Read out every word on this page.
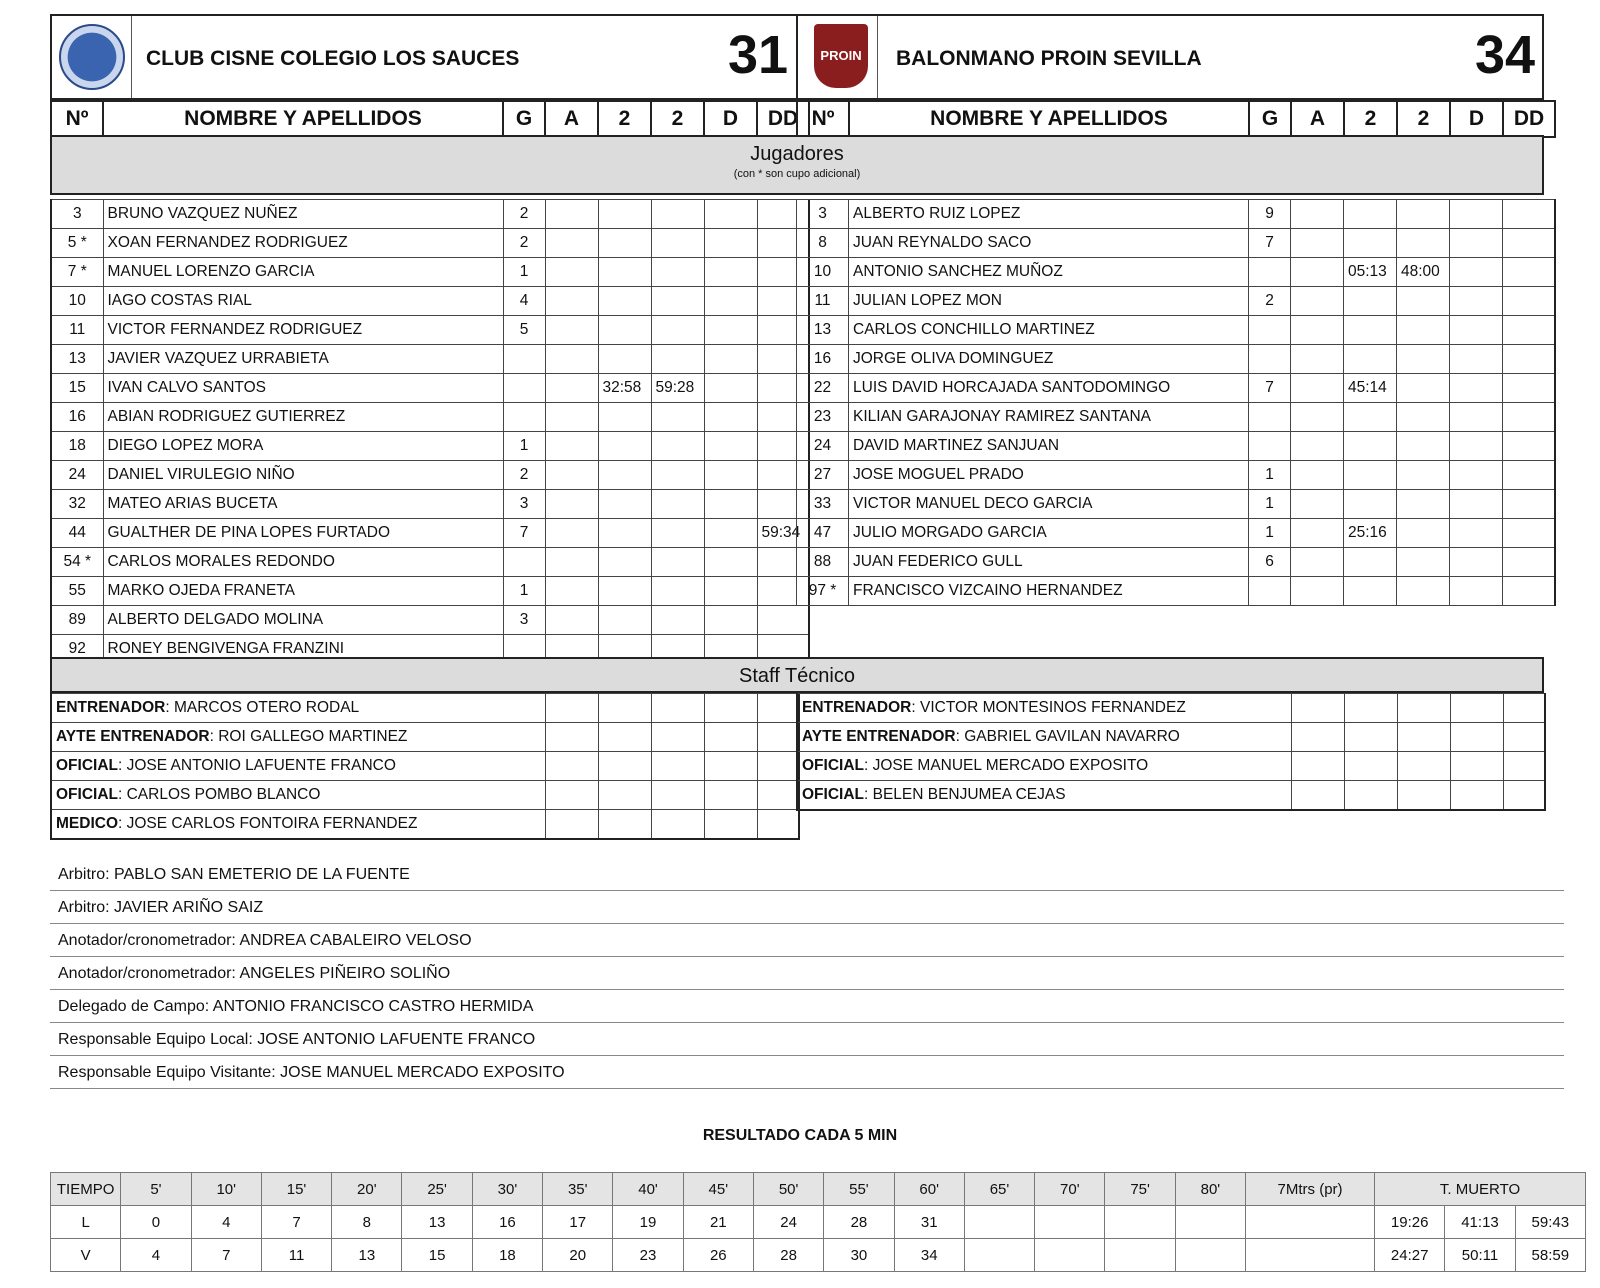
CLUB CISNE COLEGIO LOS SAUCES	31	PROIN	BALONMANO PROIN SEVILLA	34
Nº	NOMBRE Y APELLIDOS	G	A	2	2	D	DD Nº	NOMBRE Y APELLIDOS	G	A	2	2	D	DD
Jugadores
(con * son cupo adicional)
3	BRUNO VAZQUEZ NUÑEZ	2					
5 *	XOAN FERNANDEZ RODRIGUEZ	2					
7 *	MANUEL LORENZO GARCIA	1					
10	IAGO COSTAS RIAL	4					
11	VICTOR FERNANDEZ RODRIGUEZ	5					
13	JAVIER VAZQUEZ URRABIETA						
15	IVAN CALVO SANTOS			32:58	59:28		
16	ABIAN RODRIGUEZ GUTIERREZ						
18	DIEGO LOPEZ MORA	1					
24	DANIEL VIRULEGIO NIÑO	2					
32	MATEO ARIAS BUCETA	3					
44	GUALTHER DE PINA LOPES FURTADO	7					59:34
54 *	CARLOS MORALES REDONDO						
55	MARKO OJEDA FRANETA	1					
89	ALBERTO DELGADO MOLINA	3					
92	RONEY BENGIVENGA FRANZINI						
3	ALBERTO RUIZ LOPEZ	9					
8	JUAN REYNALDO SACO	7					
10	ANTONIO SANCHEZ MUÑOZ			05:13	48:00		
11	JULIAN LOPEZ MON	2					
13	CARLOS CONCHILLO MARTINEZ						
16	JORGE OLIVA DOMINGUEZ						
22	LUIS DAVID HORCAJADA SANTODOMINGO	7		45:14			
23	KILIAN GARAJONAY RAMIREZ SANTANA						
24	DAVID MARTINEZ SANJUAN						
27	JOSE MOGUEL PRADO	1					
33	VICTOR MANUEL DECO GARCIA	1					
47	JULIO MORGADO GARCIA	1		25:16			
88	JUAN FEDERICO GULL	6					
97 *	FRANCISCO VIZCAINO HERNANDEZ						
Staff Técnico
ENTRENADOR: MARCOS OTERO RODAL					
AYTE ENTRENADOR: ROI GALLEGO MARTINEZ					
OFICIAL: JOSE ANTONIO LAFUENTE FRANCO					
OFICIAL: CARLOS POMBO BLANCO					
MEDICO: JOSE CARLOS FONTOIRA FERNANDEZ					
ENTRENADOR: VICTOR MONTESINOS FERNANDEZ					
AYTE ENTRENADOR: GABRIEL GAVILAN NAVARRO					
OFICIAL: JOSE MANUEL MERCADO EXPOSITO					
OFICIAL: BELEN BENJUMEA CEJAS					
Arbitro: PABLO SAN EMETERIO DE LA FUENTE
Arbitro: JAVIER ARIÑO SAIZ
Anotador/cronometrador: ANDREA CABALEIRO VELOSO
Anotador/cronometrador: ANGELES PIÑEIRO SOLIÑO
Delegado de Campo: ANTONIO FRANCISCO CASTRO HERMIDA
Responsable Equipo Local: JOSE ANTONIO LAFUENTE FRANCO
Responsable Equipo Visitante: JOSE MANUEL MERCADO EXPOSITO
RESULTADO CADA 5 MIN
TIEMPO	5'	10'	15'	20'	25'	30'	35'	40'	45'	50'	55'	60'	65'	70'	75'	80'	7Mtrs (pr)	T. MUERTO		
L	0	4	7	8	13	16	17	19	21	24	28	31						19:26	41:13	59:43
V	4	7	11	13	15	18	20	23	26	28	30	34						24:27	50:11	58:59
